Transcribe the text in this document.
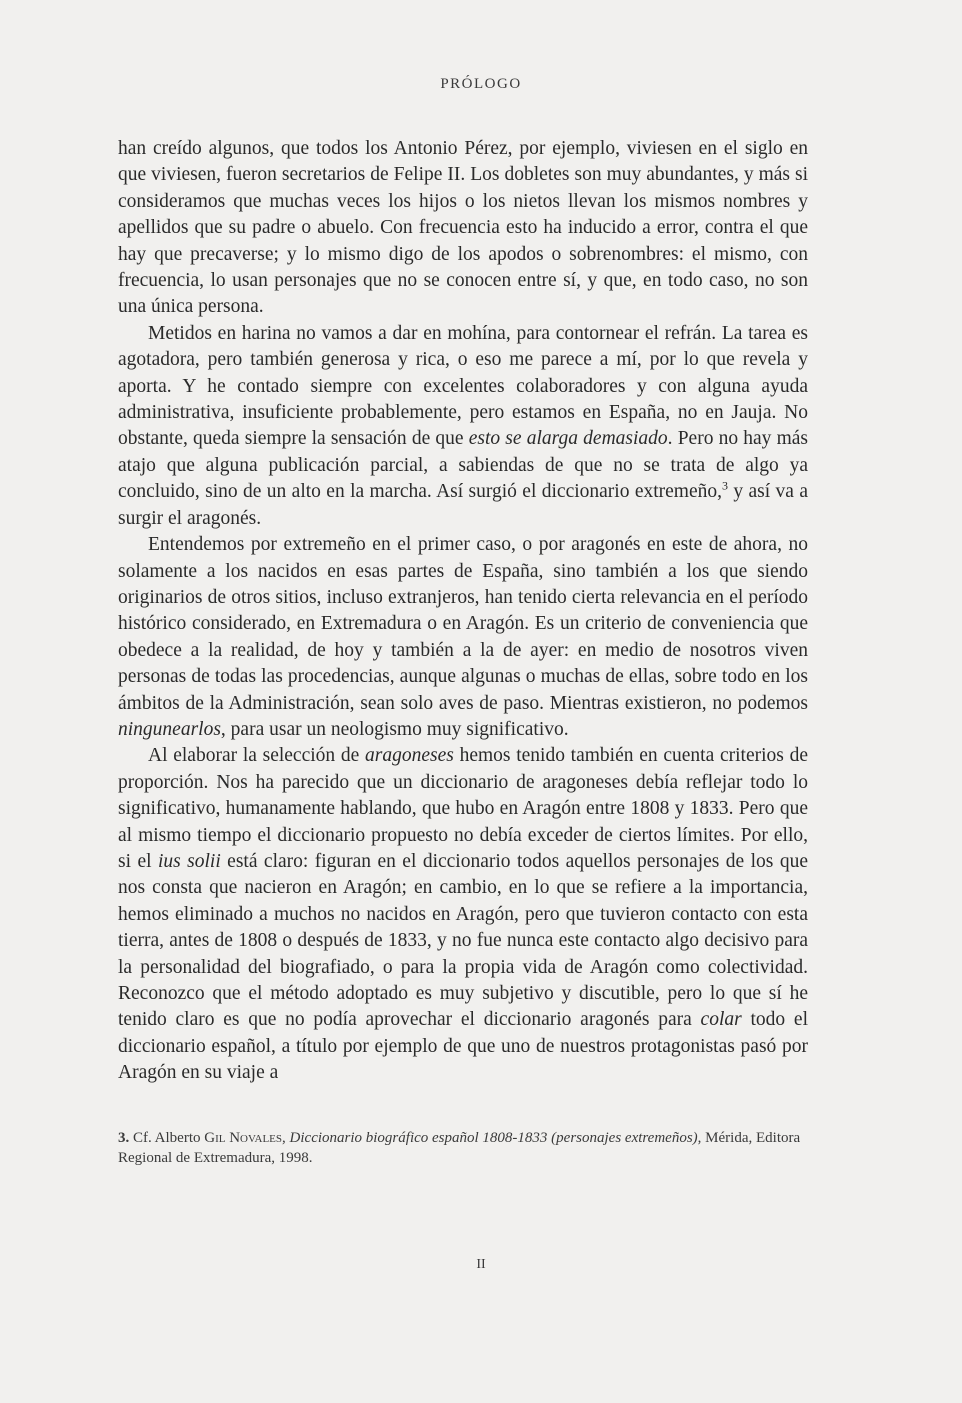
PRÓLOGO

han creído algunos, que todos los Antonio Pérez, por ejemplo, viviesen en el siglo en que viviesen, fueron secretarios de Felipe II. Los dobletes son muy abundantes, y más si consideramos que muchas veces los hijos o los nietos llevan los mismos nombres y apellidos que su padre o abuelo. Con frecuencia esto ha inducido a error, contra el que hay que precaverse; y lo mismo digo de los apodos o sobrenombres: el mismo, con frecuencia, lo usan personajes que no se conocen entre sí, y que, en todo caso, no son una única persona.

Metidos en harina no vamos a dar en mohína, para contornear el refrán. La tarea es agotadora, pero también generosa y rica, o eso me parece a mí, por lo que revela y aporta. Y he contado siempre con excelentes colaboradores y con alguna ayuda administrativa, insuficiente probablemente, pero estamos en España, no en Jauja. No obstante, queda siempre la sensación de que esto se alarga demasiado. Pero no hay más atajo que alguna publicación parcial, a sabiendas de que no se trata de algo ya concluido, sino de un alto en la marcha. Así surgió el diccionario extremeño,$^3$ y así va a surgir el aragonés.

Entendemos por extremeño en el primer caso, o por aragonés en este de ahora, no solamente a los nacidos en esas partes de España, sino también a los que siendo originarios de otros sitios, incluso extranjeros, han tenido cierta relevancia en el período histórico considerado, en Extremadura o en Aragón. Es un criterio de conveniencia que obedece a la realidad, de hoy y también a la de ayer: en medio de nosotros viven personas de todas las procedencias, aunque algunas o muchas de ellas, sobre todo en los ámbitos de la Administración, sean solo aves de paso. Mientras existieron, no podemos ningunearlos, para usar un neologismo muy significativo.

Al elaborar la selección de aragoneses hemos tenido también en cuenta criterios de proporción. Nos ha parecido que un diccionario de aragoneses debía reflejar todo lo significativo, humanamente hablando, que hubo en Aragón entre 1808 y 1833. Pero que al mismo tiempo el diccionario propuesto no debía exceder de ciertos límites. Por ello, si el ius solii está claro: figuran en el diccionario todos aquellos personajes de los que nos consta que nacieron en Aragón; en cambio, en lo que se refiere a la importancia, hemos eliminado a muchos no nacidos en Aragón, pero que tuvieron contacto con esta tierra, antes de 1808 o después de 1833, y no fue nunca este contacto algo decisivo para la personalidad del biografiado, o para la propia vida de Aragón como colectividad. Reconozco que el método adoptado es muy subjetivo y discutible, pero lo que sí he tenido claro es que no podía aprovechar el diccionario aragonés para colar todo el diccionario español, a título por ejemplo de que uno de nuestros protagonistas pasó por Aragón en su viaje a

3. Cf. Alberto Gil Novales, Diccionario biográfico español 1808-1833 (personajes extremeños), Mérida, Editora Regional de Extremadura, 1998.
II
